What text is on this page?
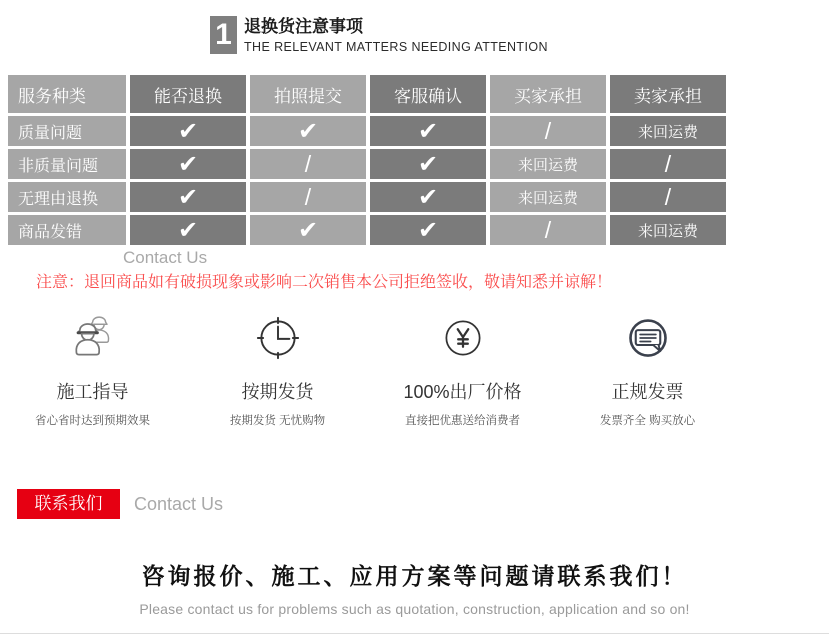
1 退换货注意事项
THE RELEVANT MATTERS NEEDING ATTENTION
服务种类	能否退换	拍照提交	客服确认	买家承担	卖家承担
质量问题	✔	✔	✔	/	来回运费
非质量问题	✔	/	✔	来回运费	/
无理由退换	✔	/	✔	来回运费	/
商品发错	✔	✔	✔	/	来回运费
Contact Us
注意：退回商品如有破损现象或影响二次销售本公司拒绝签收，敬请知悉并谅解！
施工指导
省心省时达到预期效果
按期发货
按期发货 无忧购物
100%出厂价格
直接把优惠送给消费者
正规发票
发票齐全 购买放心
联系我们	Contact Us
咨询报价、施工、应用方案等问题请联系我们！
Please contact us for problems such as quotation, construction, application and so on!
